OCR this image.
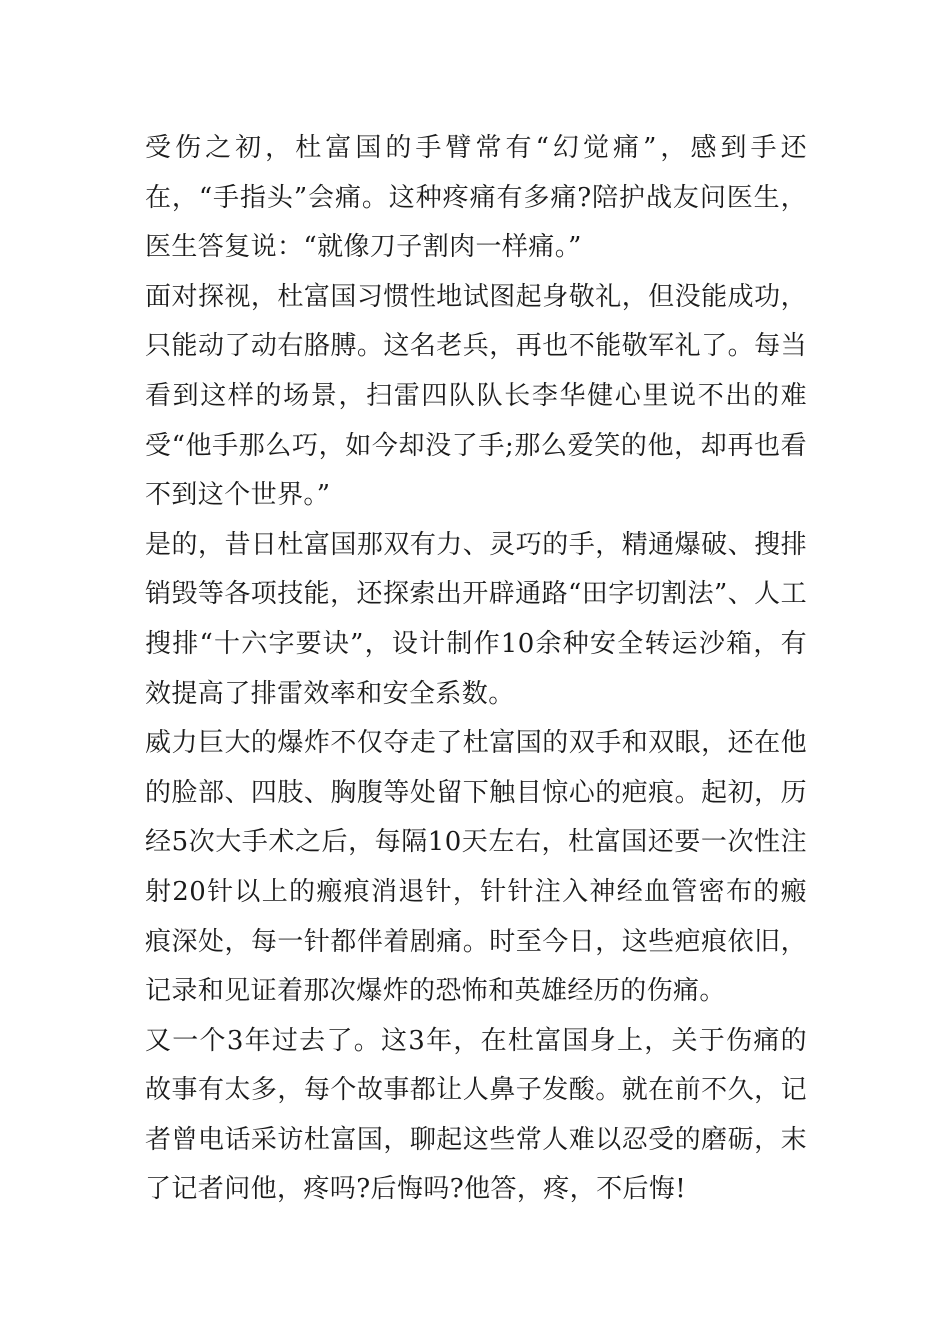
受伤之初，杜富国的手臂常有“幻觉痛”，感到手还在，“手指头”会痛。这种疼痛有多痛?陪护战友问医生，医生答复说：“就像刀子割肉一样痛。”

面对探视，杜富国习惯性地试图起身敬礼，但没能成功，只能动了动右胳膊。这名老兵，再也不能敬军礼了。每当看到这样的场景，扫雷四队队长李华健心里说不出的难受“他手那么巧，如今却没了手;那么爱笑的他，却再也看不到这个世界。”

是的，昔日杜富国那双有力、灵巧的手，精通爆破、搜排销毁等各项技能，还探索出开辟通路“田字切割法”、人工搜排“十六字要诀”，设计制作10余种安全转运沙箱，有效提高了排雷效率和安全系数。

威力巨大的爆炸不仅夺走了杜富国的双手和双眼，还在他的脸部、四肢、胸腹等处留下触目惊心的疤痕。起初，历经5次大手术之后，每隔10天左右，杜富国还要一次性注射20针以上的瘢痕消退针，针针注入神经血管密布的瘢痕深处，每一针都伴着剧痛。时至今日，这些疤痕依旧，记录和见证着那次爆炸的恐怖和英雄经历的伤痛。

又一个3年过去了。这3年，在杜富国身上，关于伤痛的故事有太多，每个故事都让人鼻子发酸。就在前不久，记者曾电话采访杜富国，聊起这些常人难以忍受的磨砺，末了记者问他，疼吗?后悔吗?他答，疼，不后悔!
